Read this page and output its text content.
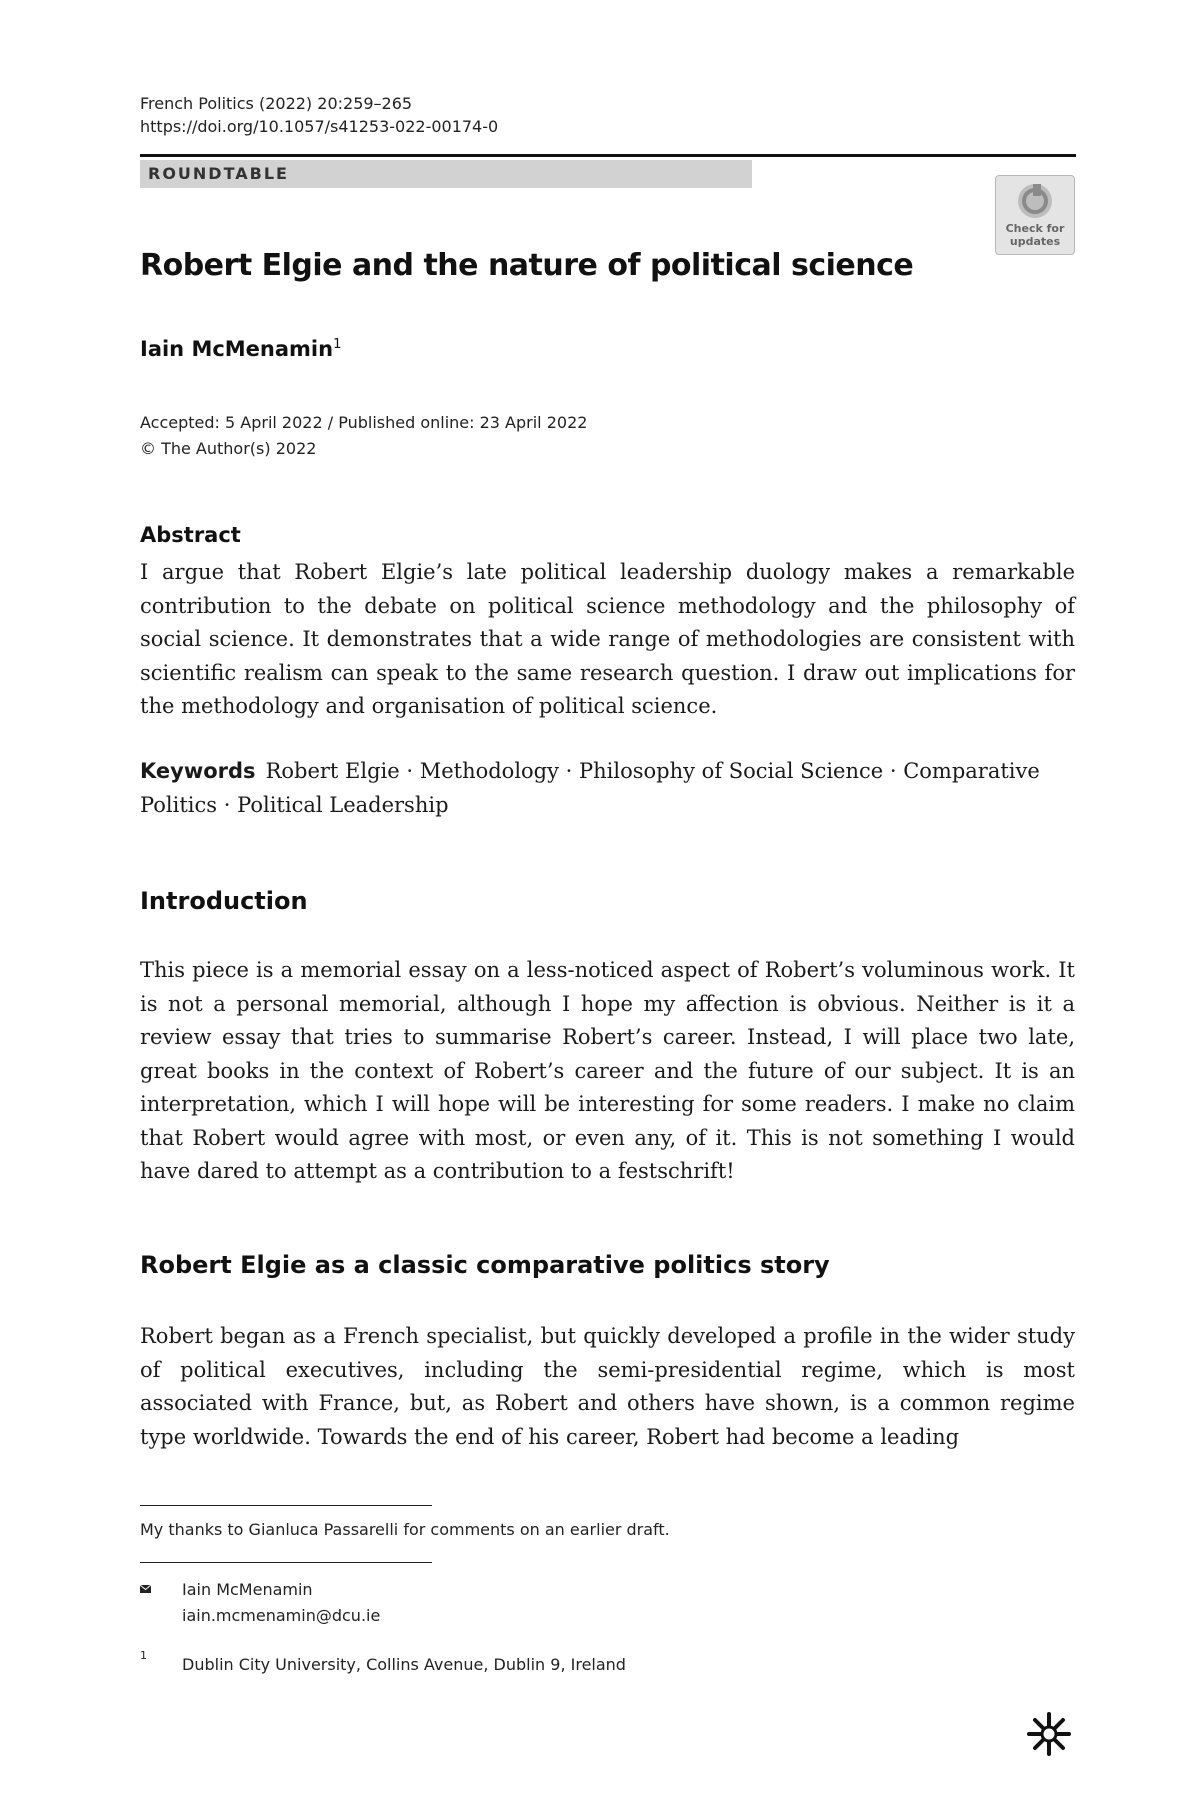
French Politics (2022) 20:259–265
https://doi.org/10.1057/s41253-022-00174-0
ROUNDTABLE
Check for
updates
Robert Elgie and the nature of political science
Iain McMenamin$^1$
Accepted: 5 April 2022 / Published online: 23 April 2022
© The Author(s) 2022
Abstract

I argue that Robert Elgie’s late political leadership duology makes a remarkable contribution to the debate on political science methodology and the philosophy of social science. It demonstrates that a wide range of methodologies are consistent with scientific realism can speak to the same research question. I draw out implications for the methodology and organisation of political science.

Keywords Robert Elgie · Methodology · Philosophy of Social Science · Comparative Politics · Political Leadership

Introduction

This piece is a memorial essay on a less-noticed aspect of Robert’s voluminous work. It is not a personal memorial, although I hope my affection is obvious. Neither is it a review essay that tries to summarise Robert’s career. Instead, I will place two late, great books in the context of Robert’s career and the future of our subject. It is an interpretation, which I will hope will be interesting for some readers. I make no claim that Robert would agree with most, or even any, of it. This is not something I would have dared to attempt as a contribution to a festschrift!

Robert Elgie as a classic comparative politics story

Robert began as a French specialist, but quickly developed a profile in the wider study of political executives, including the semi-presidential regime, which is most associated with France, but, as Robert and others have shown, is a common regime type worldwide. Towards the end of his career, Robert had become a leading

My thanks to Gianluca Passarelli for comments on an earlier draft.
Iain McMenamin
iain.mcmenamin@dcu.ie
1 Dublin City University, Collins Avenue, Dublin 9, Ireland
